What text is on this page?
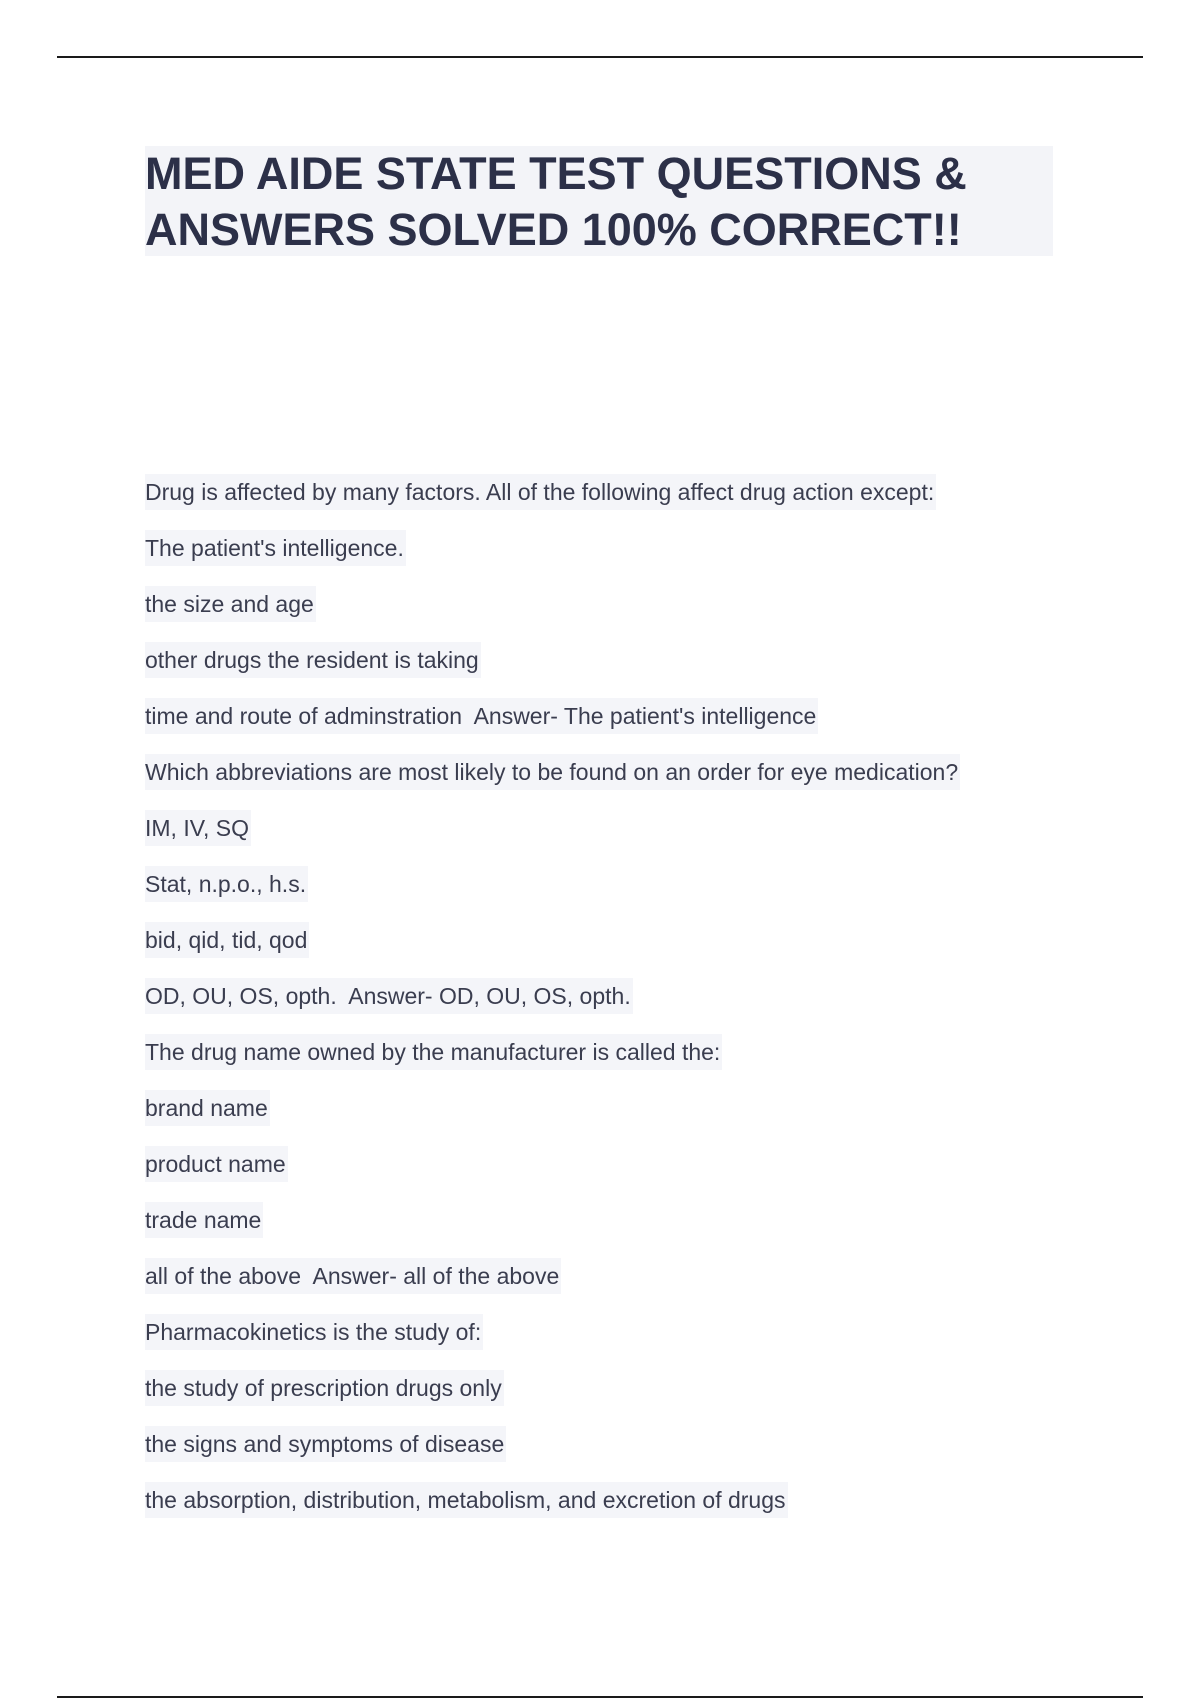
MED AIDE STATE TEST QUESTIONS &
ANSWERS SOLVED 100% CORRECT!!
Drug is affected by many factors. All of the following affect drug action except:
The patient's intelligence.
the size and age
other drugs the resident is taking
time and route of adminstration  Answer- The patient's intelligence
Which abbreviations are most likely to be found on an order for eye medication?
IM, IV, SQ
Stat, n.p.o., h.s.
bid, qid, tid, qod
OD, OU, OS, opth.  Answer- OD, OU, OS, opth.
The drug name owned by the manufacturer is called the:
brand name
product name
trade name
all of the above  Answer- all of the above
Pharmacokinetics is the study of:
the study of prescription drugs only
the signs and symptoms of disease
the absorption, distribution, metabolism, and excretion of drugs
